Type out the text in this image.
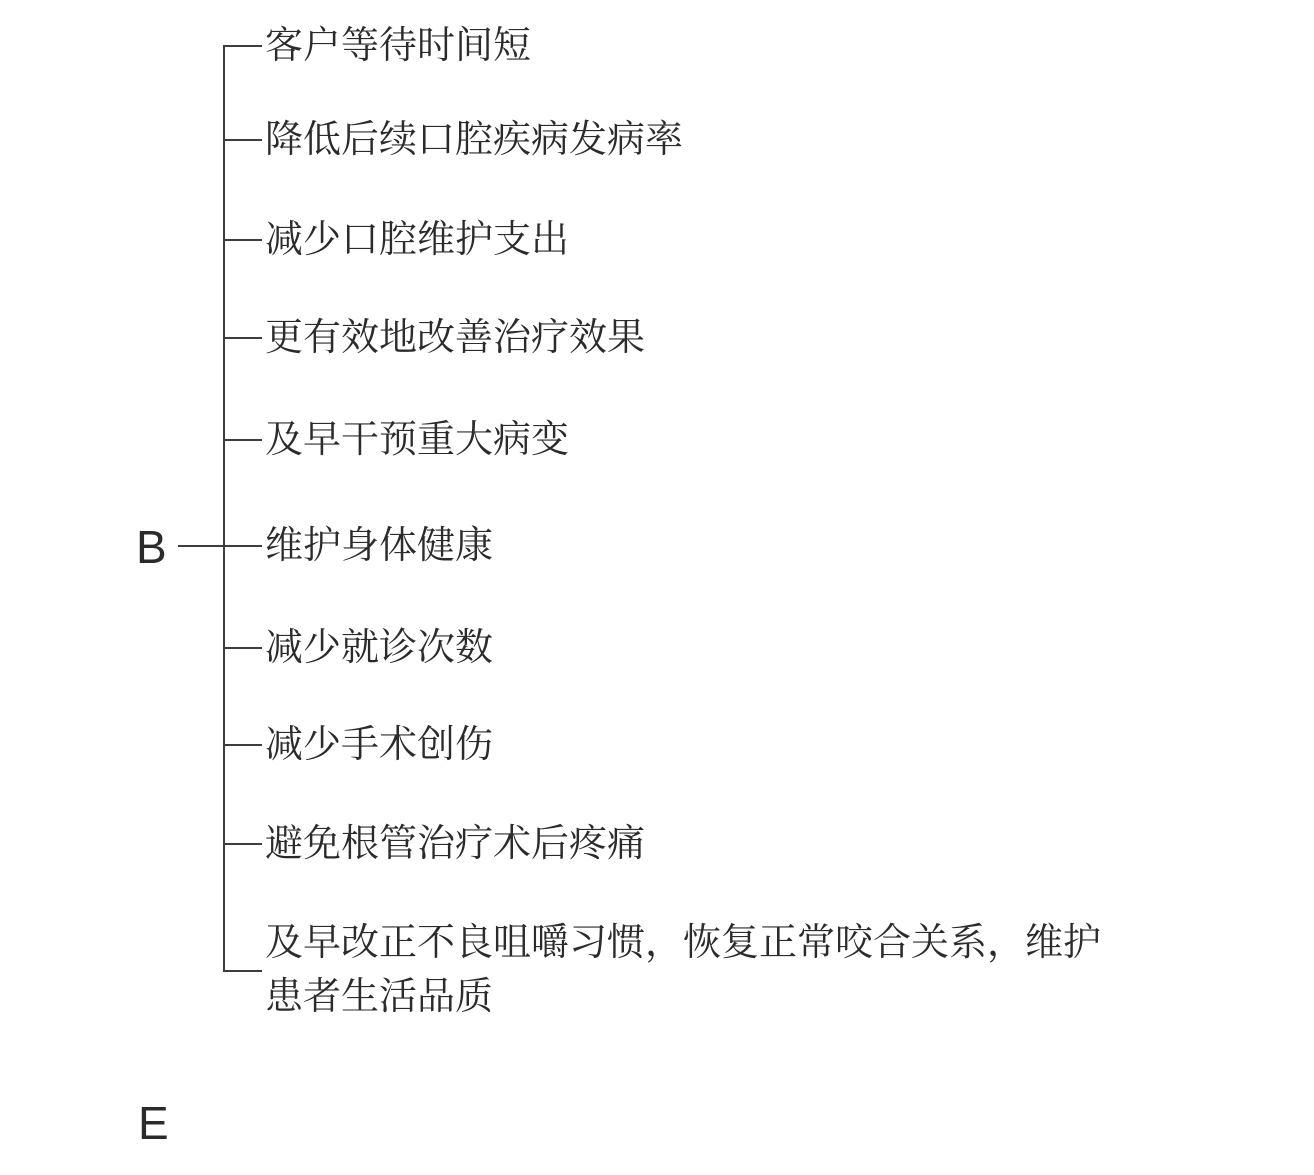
B
客户等待时间短
降低后续口腔疾病发病率
减少口腔维护支出
更有效地改善治疗效果
及早干预重大病变
维护身体健康
减少就诊次数
减少手术创伤
避免根管治疗术后疼痛
及早改正不良咀嚼习惯，恢复正常咬合关系，维护患者生活品质
E
